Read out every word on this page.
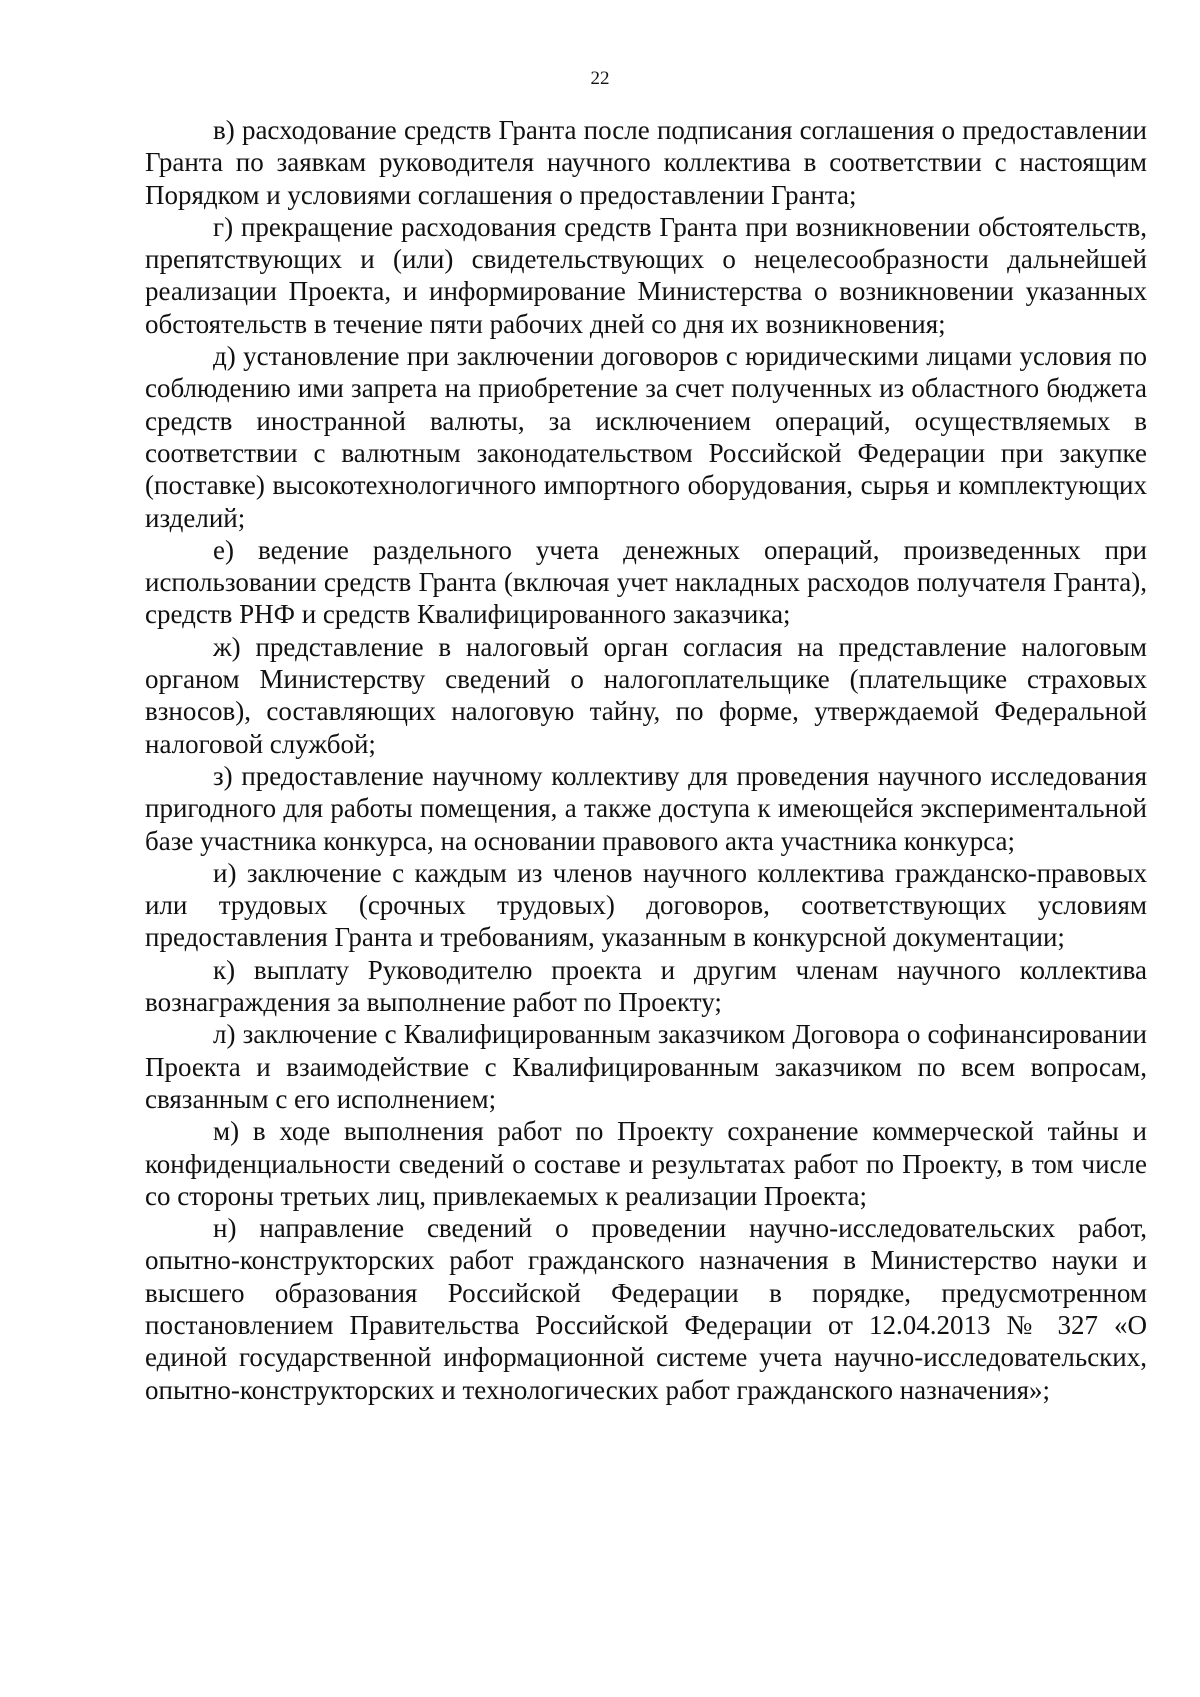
22

в) расходование средств Гранта после подписания соглашения о предоставлении Гранта по заявкам руководителя научного коллектива в соответствии с настоящим Порядком и условиями соглашения о предоставлении Гранта;

г) прекращение расходования средств Гранта при возникновении обстоятельств, препятствующих и (или) свидетельствующих о нецелесообразности дальнейшей реализации Проекта, и информирование Министерства о возникновении указанных обстоятельств в течение пяти рабочих дней со дня их возникновения;

д) установление при заключении договоров с юридическими лицами условия по соблюдению ими запрета на приобретение за счет полученных из областного бюджета средств иностранной валюты, за исключением операций, осуществляемых в соответствии с валютным законодательством Российской Федерации при закупке (поставке) высокотехнологичного импортного оборудования, сырья и комплектующих изделий;

е) ведение раздельного учета денежных операций, произведенных при использовании средств Гранта (включая учет накладных расходов получателя Гранта), средств РНФ и средств Квалифицированного заказчика;

ж) представление в налоговый орган согласия на представление налоговым органом Министерству сведений о налогоплательщике (плательщике страховых взносов), составляющих налоговую тайну, по форме, утверждаемой Федеральной налоговой службой;

з) предоставление научному коллективу для проведения научного исследования пригодного для работы помещения, а также доступа к имеющейся экспериментальной базе участника конкурса, на основании правового акта участника конкурса;

и) заключение с каждым из членов научного коллектива гражданско-правовых или трудовых (срочных трудовых) договоров, соответствующих условиям предоставления Гранта и требованиям, указанным в конкурсной документации;

к) выплату Руководителю проекта и другим членам научного коллектива вознаграждения за выполнение работ по Проекту;

л) заключение с Квалифицированным заказчиком Договора о софинансировании Проекта и взаимодействие с Квалифицированным заказчиком по всем вопросам, связанным с его исполнением;

м) в ходе выполнения работ по Проекту сохранение коммерческой тайны и конфиденциальности сведений о составе и результатах работ по Проекту, в том числе со стороны третьих лиц, привлекаемых к реализации Проекта;

н) направление сведений о проведении научно-исследовательских работ, опытно-конструкторских работ гражданского назначения в Министерство науки и высшего образования Российской Федерации в порядке, предусмотренном постановлением Правительства Российской Федерации от 12.04.2013 № 327 «О единой государственной информационной системе учета научно-исследовательских, опытно-конструкторских и технологических работ гражданского назначения»;
